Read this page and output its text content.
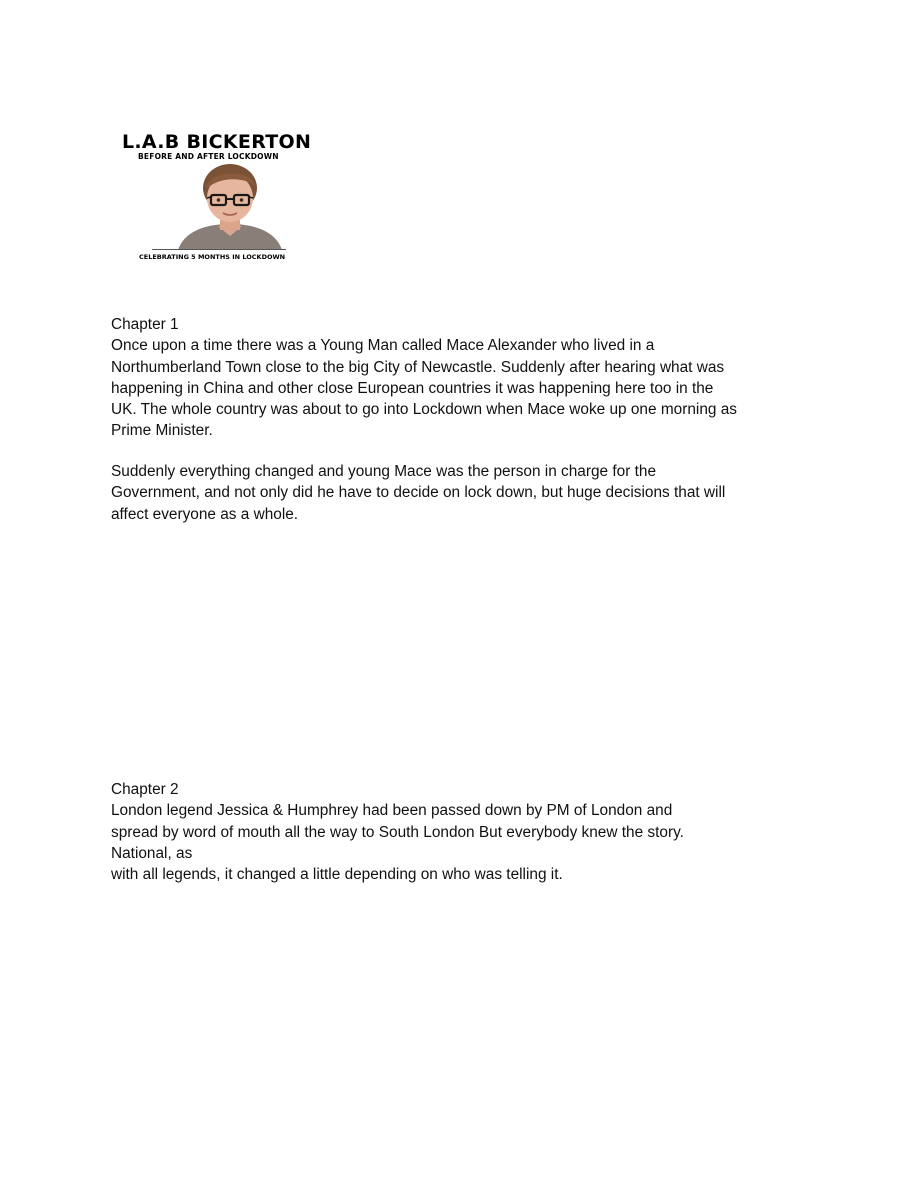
L.A.B BICKERTON
BEFORE AND AFTER LOCKDOWN
CELEBRATING 5 MONTHS IN LOCKDOWN
Chapter 1
Once upon a time there was a Young Man called Mace Alexander who lived in a
Northumberland Town close to the big City of Newcastle. Suddenly after hearing what was
happening in China and other close European countries it was happening here too in the
UK. The whole country was about to go into Lockdown when Mace woke up one morning as
Prime Minister.
Suddenly everything changed and young Mace was the person in charge for the
Government, and not only did he have to decide on lock down, but huge decisions that will
affect everyone as a whole.
Chapter 2
London legend Jessica & Humphrey had been passed down by PM of London and
spread by word of mouth all the way to South London But everybody knew the story.
National, as
with all legends, it changed a little depending on who was telling it.
